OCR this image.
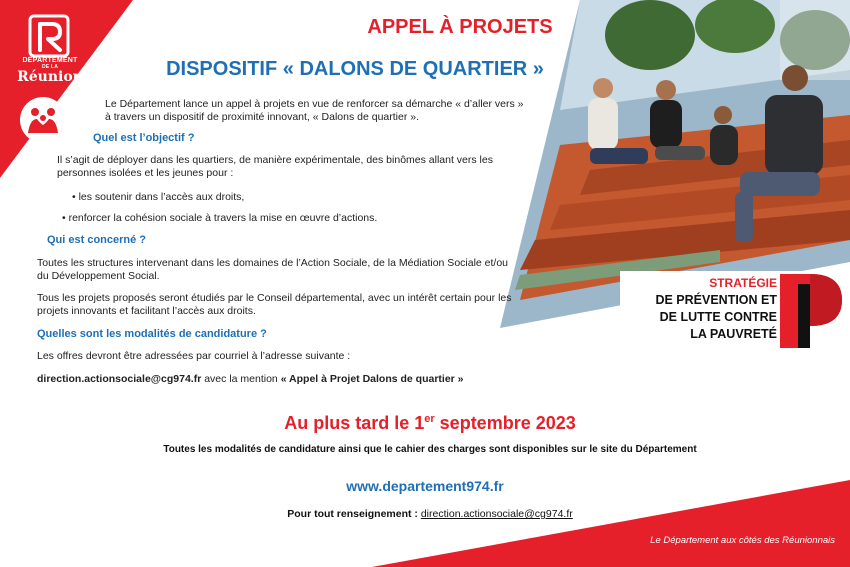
DÉPARTEMENT
DE LA
Réunion
SOCIAL
APPEL À PROJETS
DISPOSITIF « DALONS DE QUARTIER »
Le Département lance un appel à projets en vue de renforcer sa démarche « d’aller vers » à travers un dispositif de proximité innovant, « Dalons de quartier ».
Quel est l’objectif ?
Il s’agit de déployer dans les quartiers, de manière expérimentale, des binômes allant vers les personnes isolées et les jeunes pour :
• les soutenir dans l’accès aux droits,
• renforcer la cohésion sociale à travers la mise en œuvre d’actions.
Qui est concerné ?
Toutes les structures intervenant dans les domaines de l’Action Sociale, de la Médiation Sociale et/ou du Développement Social.
Tous les projets proposés seront étudiés par le Conseil départemental, avec un intérêt certain pour les projets innovants et facilitant l’accès aux droits.
Quelles sont les modalités de candidature ?
Les offres devront être adressées par courriel à l’adresse suivante :
direction.actionsociale@cg974.fr avec la mention « Appel à Projet Dalons de quartier »
STRATÉGIE
DE PRÉVENTION ET
DE LUTTE CONTRE
LA PAUVRETÉ
Au plus tard le 1er septembre 2023
Toutes les modalités de candidature ainsi que le cahier des charges sont disponibles sur le site du Département
www.departement974.fr
Pour tout renseignement : direction.actionsociale@cg974.fr
Le Département aux côtés des Réunionnais
